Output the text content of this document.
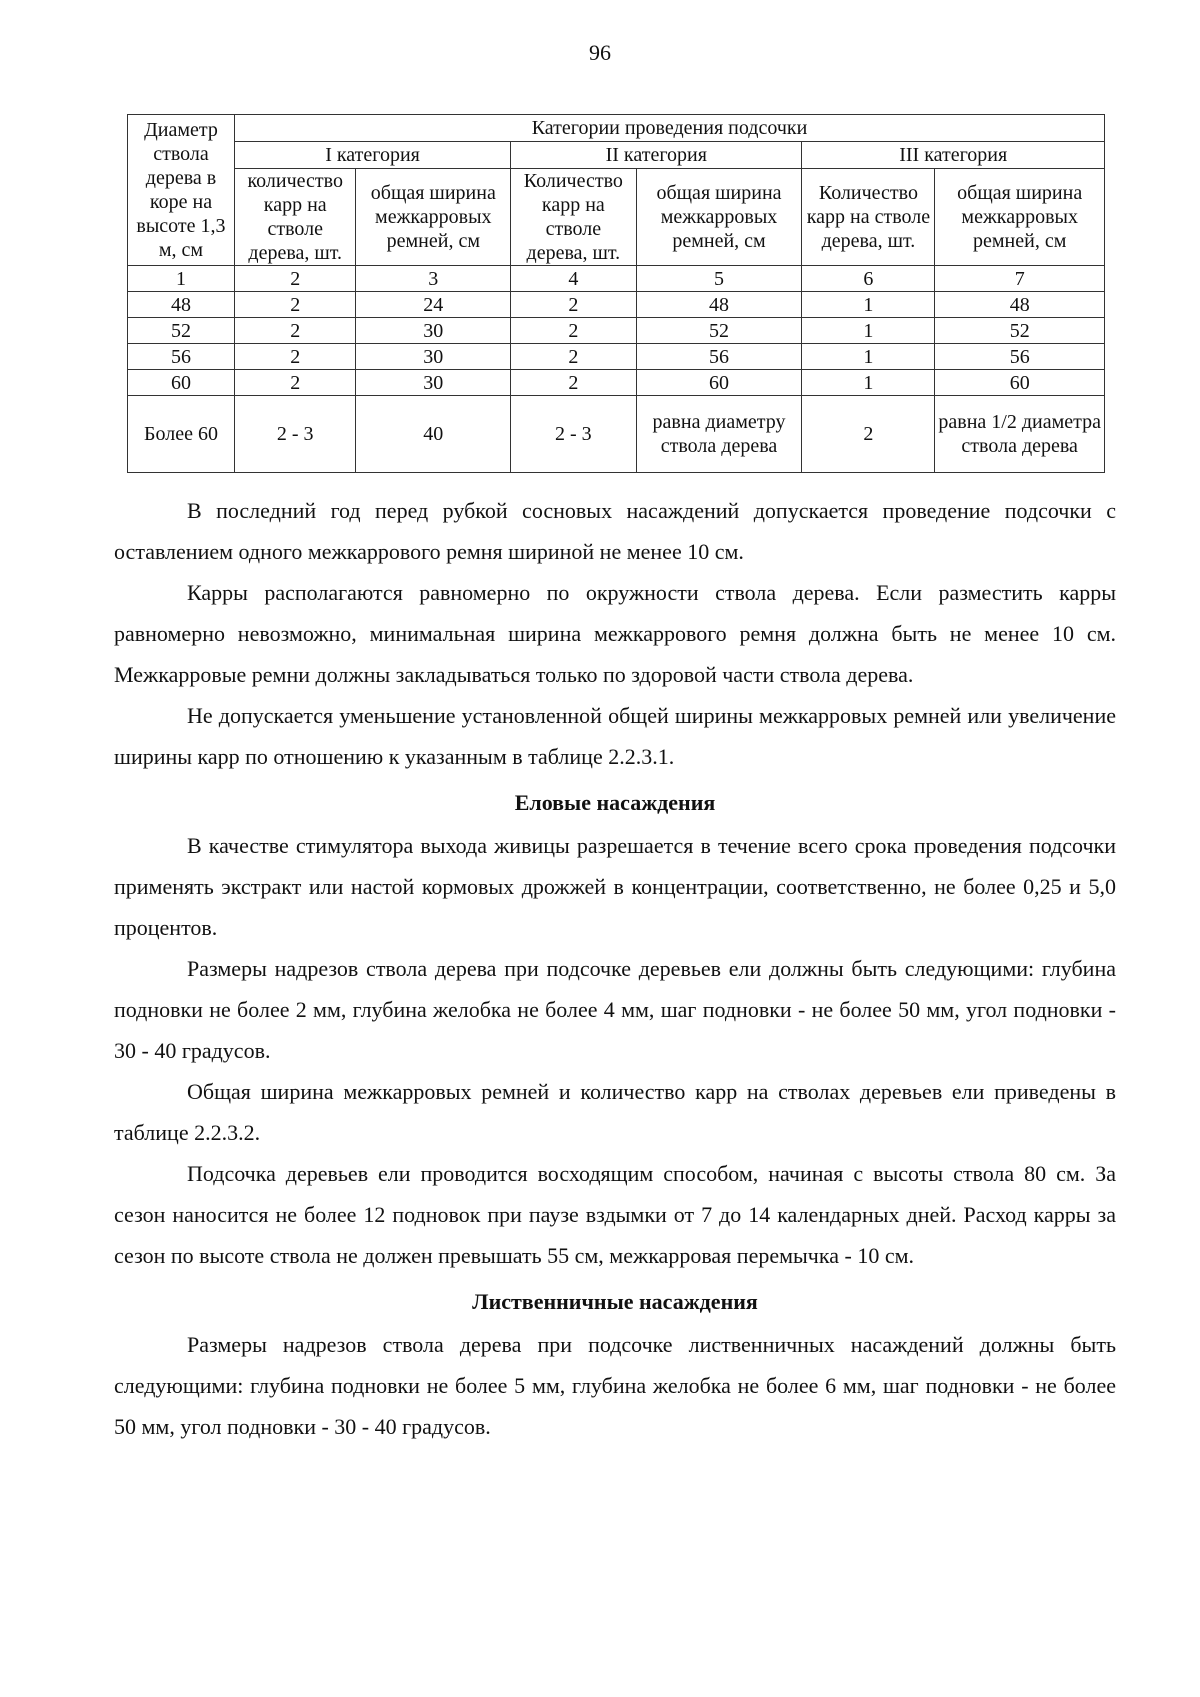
96
Диаметр ствола дерева в коре на высоте 1,3 м, см	Категории проведения подсочки					
	I категория		II категория		III категория	
	количество карр на стволе дерева, шт.	общая ширина межкарровых ремней, см	Количество карр на стволе дерева, шт.	общая ширина межкарровых ремней, см	Количество карр на стволе дерева, шт.	общая ширина межкарровых ремней, см
1	2	3	4	5	6	7
48	2	24	2	48	1	48
52	2	30	2	52	1	52
56	2	30	2	56	1	56
60	2	30	2	60	1	60
Более 60	2 - 3	40	2 - 3	равна диаметру ствола дерева	2	равна 1/2 диаметра ствола дерева

В последний год перед рубкой сосновых насаждений допускается проведение подсочки с оставлением одного межкаррового ремня шириной не менее 10 см.

Карры располагаются равномерно по окружности ствола дерева. Если разместить карры равномерно невозможно, минимальная ширина межкаррового ремня должна быть не менее 10 см. Межкарровые ремни должны закладываться только по здоровой части ствола дерева.

Не допускается уменьшение установленной общей ширины межкарровых ремней или увеличение ширины карр по отношению к указанным в таблице 2.2.3.1.

Еловые насаждения

В качестве стимулятора выхода живицы разрешается в течение всего срока проведения подсочки применять экстракт или настой кормовых дрожжей в концентрации, соответственно, не более 0,25 и 5,0 процентов.

Размеры надрезов ствола дерева при подсочке деревьев ели должны быть следующими: глубина подновки не более 2 мм, глубина желобка не более 4 мм, шаг подновки - не более 50 мм, угол подновки - 30 - 40 градусов.

Общая ширина межкарровых ремней и количество карр на стволах деревьев ели приведены в таблице 2.2.3.2.

Подсочка деревьев ели проводится восходящим способом, начиная с высоты ствола 80 см. За сезон наносится не более 12 подновок при паузе вздымки от 7 до 14 календарных дней. Расход карры за сезон по высоте ствола не должен превышать 55 см, межкарровая перемычка - 10 см.

Лиственничные насаждения

Размеры надрезов ствола дерева при подсочке лиственничных насаждений должны быть следующими: глубина подновки не более 5 мм, глубина желобка не более 6 мм, шаг подновки - не более 50 мм, угол подновки - 30 - 40 градусов.
